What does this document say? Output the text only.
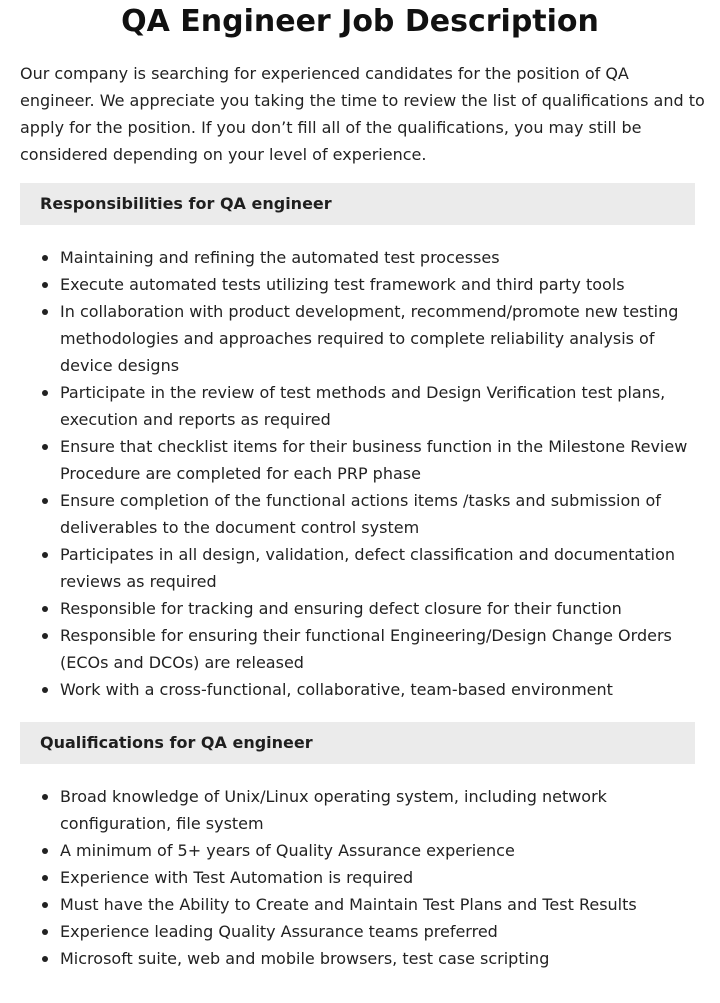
QA Engineer Job Description

Our company is searching for experienced candidates for the position of QA engineer. We appreciate you taking the time to review the list of qualifications and to apply for the position. If you don’t fill all of the qualifications, you may still be considered depending on your level of experience.

Responsibilities for QA engineer
Maintaining and refining the automated test processes
Execute automated tests utilizing test framework and third party tools
In collaboration with product development, recommend/promote new testing methodologies and approaches required to complete reliability analysis of device designs
Participate in the review of test methods and Design Verification test plans, execution and reports as required
Ensure that checklist items for their business function in the Milestone Review Procedure are completed for each PRP phase
Ensure completion of the functional actions items /tasks and submission of deliverables to the document control system
Participates in all design, validation, defect classification and documentation reviews as required
Responsible for tracking and ensuring defect closure for their function
Responsible for ensuring their functional Engineering/Design Change Orders (ECOs and DCOs) are released
Work with a cross-functional, collaborative, team-based environment
Qualifications for QA engineer
Broad knowledge of Unix/Linux operating system, including network configuration, file system
A minimum of 5+ years of Quality Assurance experience
Experience with Test Automation is required
Must have the Ability to Create and Maintain Test Plans and Test Results
Experience leading Quality Assurance teams preferred
Microsoft suite, web and mobile browsers, test case scripting
